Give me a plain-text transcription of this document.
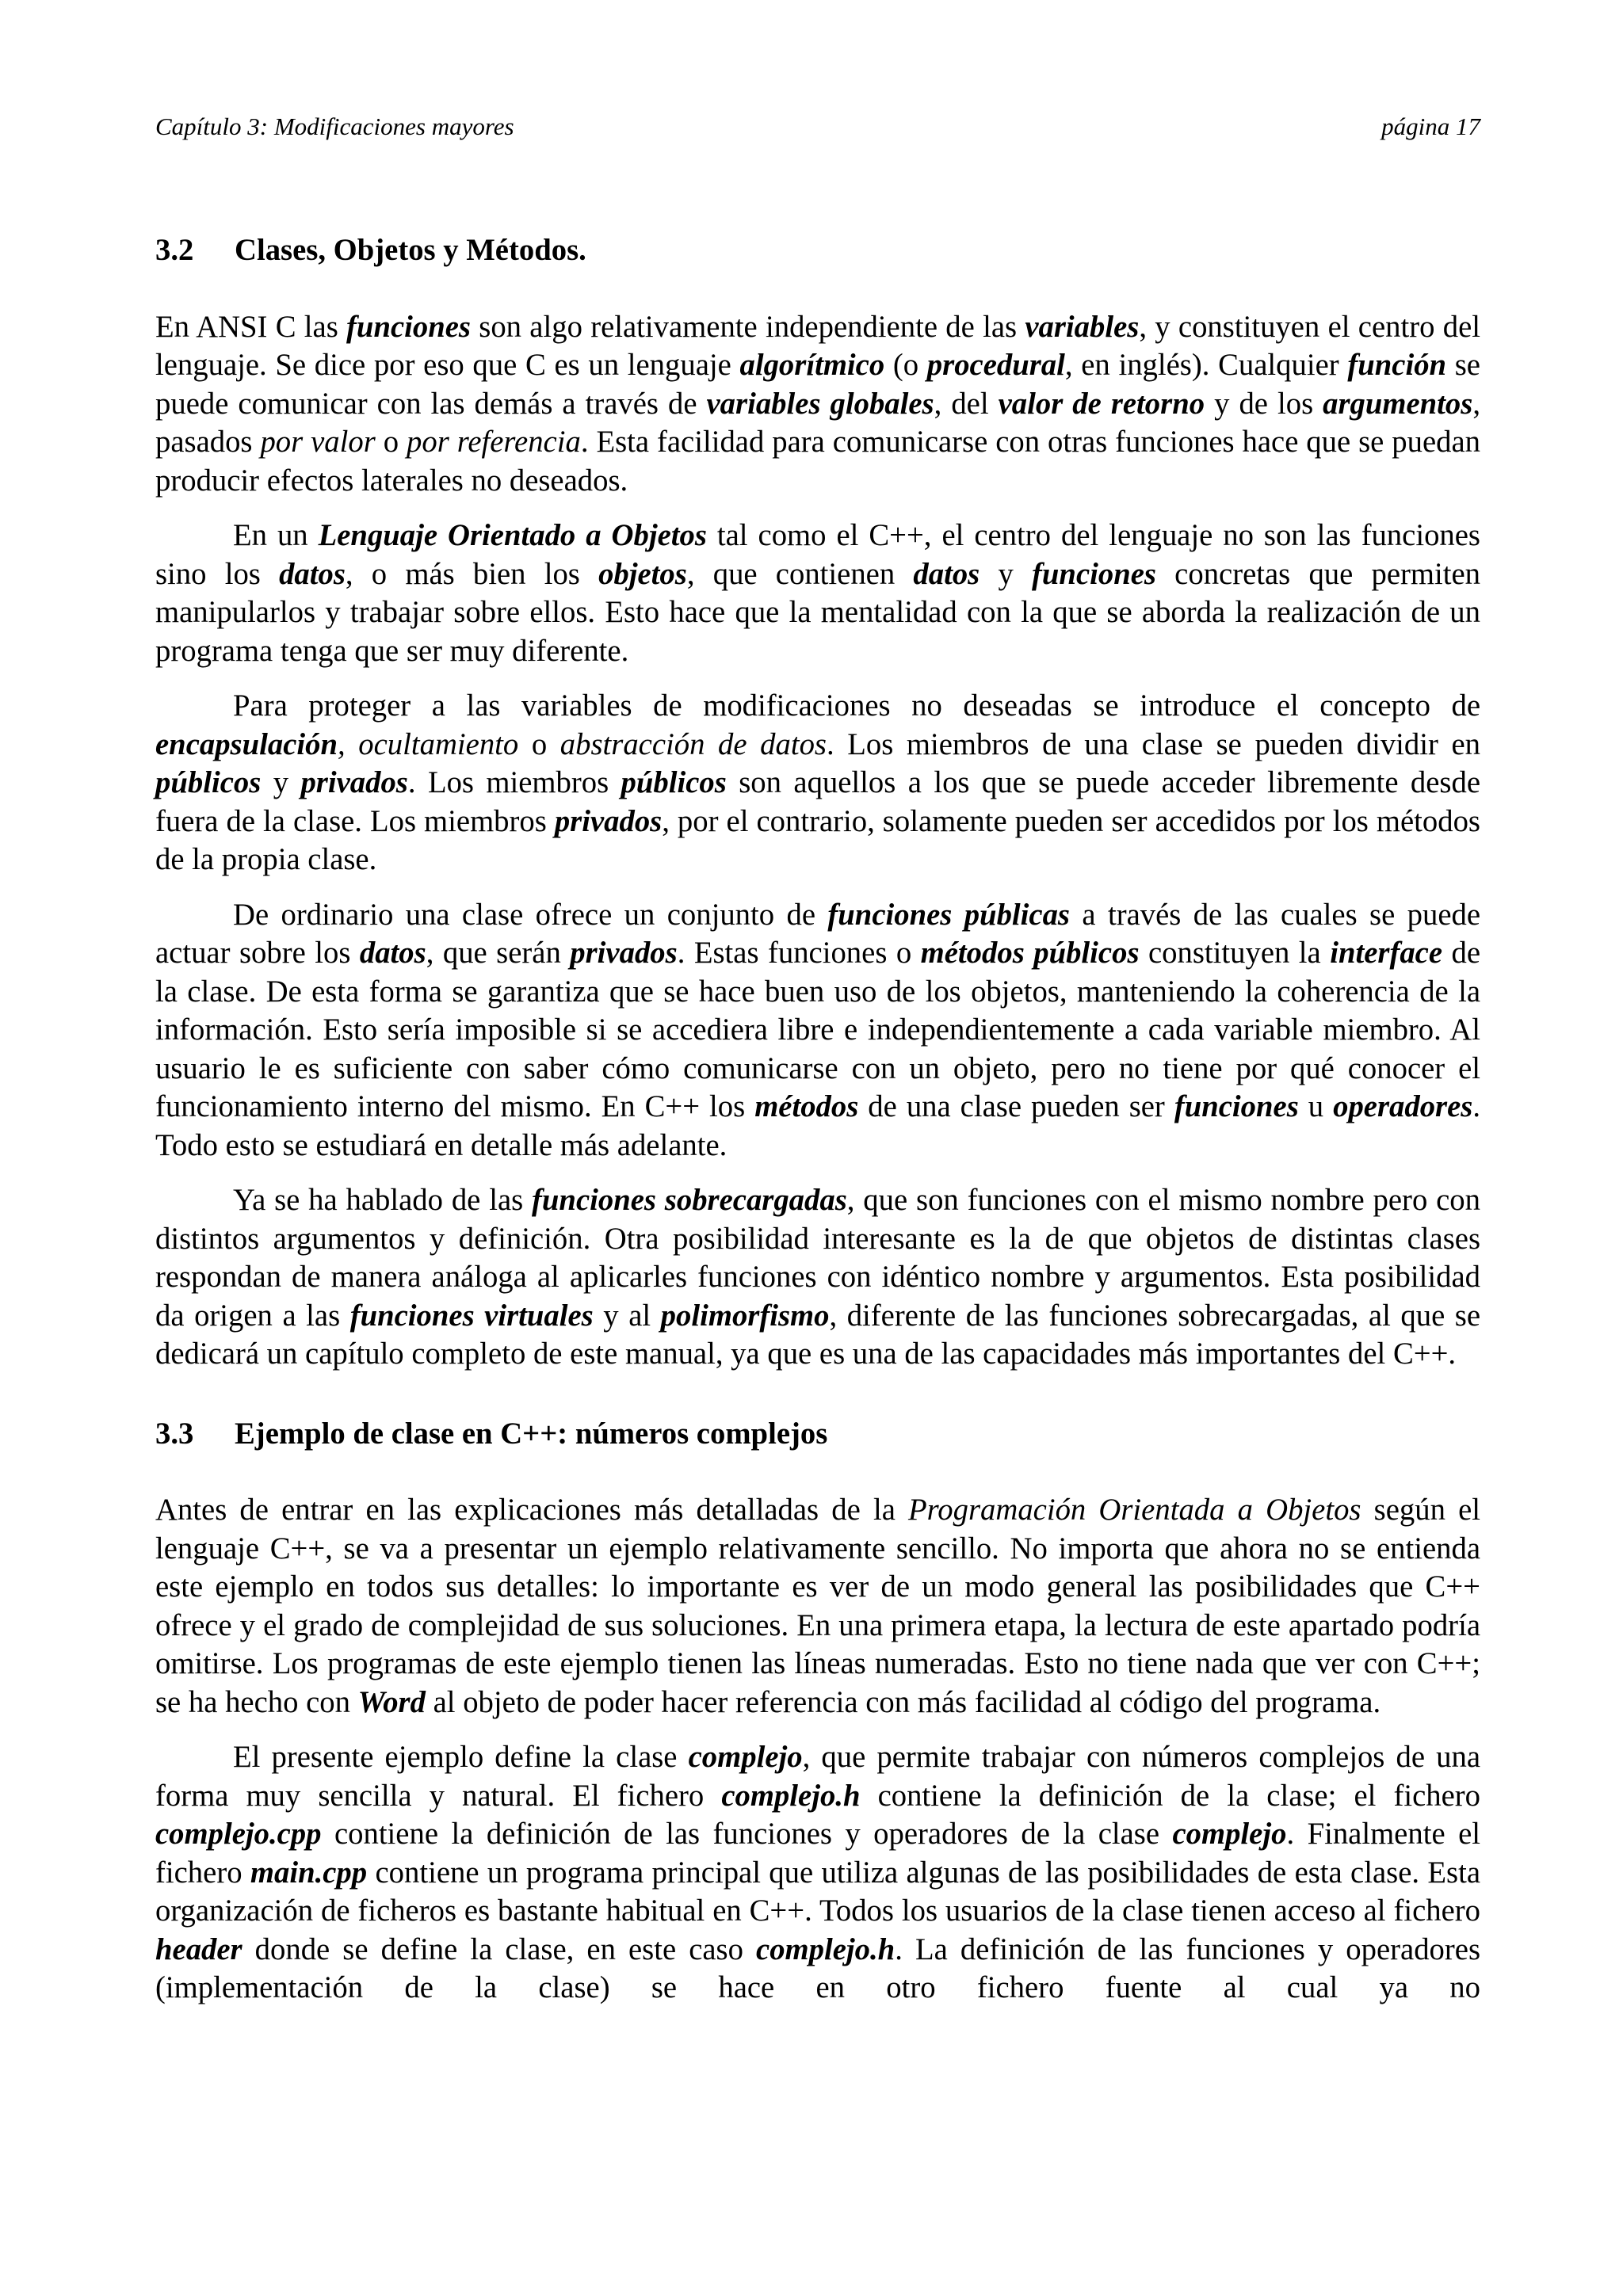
Capítulo 3: Modificaciones mayores	página 17
3.2	Clases, Objetos y Métodos.

En ANSI C las funciones son algo relativamente independiente de las variables, y constituyen el centro del lenguaje. Se dice por eso que C es un lenguaje algorítmico (o procedural, en inglés). Cualquier función se puede comunicar con las demás a través de variables globales, del valor de retorno y de los argumentos, pasados por valor o por referencia. Esta facilidad para comunicarse con otras funciones hace que se puedan producir efectos laterales no deseados.

En un Lenguaje Orientado a Objetos tal como el C++, el centro del lenguaje no son las funciones sino los datos, o más bien los objetos, que contienen datos y funciones concretas que permiten manipularlos y trabajar sobre ellos. Esto hace que la mentalidad con la que se aborda la realización de un programa tenga que ser muy diferente.

Para proteger a las variables de modificaciones no deseadas se introduce el concepto de encapsulación, ocultamiento o abstracción de datos. Los miembros de una clase se pueden dividir en públicos y privados. Los miembros públicos son aquellos a los que se puede acceder libremente desde fuera de la clase. Los miembros privados, por el contrario, solamente pueden ser accedidos por los métodos de la propia clase.

De ordinario una clase ofrece un conjunto de funciones públicas a través de las cuales se puede actuar sobre los datos, que serán privados. Estas funciones o métodos públicos constituyen la interface de la clase. De esta forma se garantiza que se hace buen uso de los objetos, manteniendo la coherencia de la información. Esto sería imposible si se accediera libre e independientemente a cada variable miembro. Al usuario le es suficiente con saber cómo comunicarse con un objeto, pero no tiene por qué conocer el funcionamiento interno del mismo. En C++ los métodos de una clase pueden ser funciones u operadores. Todo esto se estudiará en detalle más adelante.

Ya se ha hablado de las funciones sobrecargadas, que son funciones con el mismo nombre pero con distintos argumentos y definición. Otra posibilidad interesante es la de que objetos de distintas clases respondan de manera análoga al aplicarles funciones con idéntico nombre y argumentos. Esta posibilidad da origen a las funciones virtuales y al polimorfismo, diferente de las funciones sobrecargadas, al que se dedicará un capítulo completo de este manual, ya que es una de las capacidades más importantes del C++.

3.3	Ejemplo de clase en C++: números complejos

Antes de entrar en las explicaciones más detalladas de la Programación Orientada a Objetos según el lenguaje C++, se va a presentar un ejemplo relativamente sencillo. No importa que ahora no se entienda este ejemplo en todos sus detalles: lo importante es ver de un modo general las posibilidades que C++ ofrece y el grado de complejidad de sus soluciones. En una primera etapa, la lectura de este apartado podría omitirse. Los programas de este ejemplo tienen las líneas numeradas. Esto no tiene nada que ver con C++; se ha hecho con Word al objeto de poder hacer referencia con más facilidad al código del programa.

El presente ejemplo define la clase complejo, que permite trabajar con números complejos de una forma muy sencilla y natural. El fichero complejo.h contiene la definición de la clase; el fichero complejo.cpp contiene la definición de las funciones y operadores de la clase complejo. Finalmente el fichero main.cpp contiene un programa principal que utiliza algunas de las posibilidades de esta clase. Esta organización de ficheros es bastante habitual en C++. Todos los usuarios de la clase tienen acceso al fichero header donde se define la clase, en este caso complejo.h. La definición de las funciones y operadores (implementación de la clase) se hace en otro fichero fuente al cual ya no
